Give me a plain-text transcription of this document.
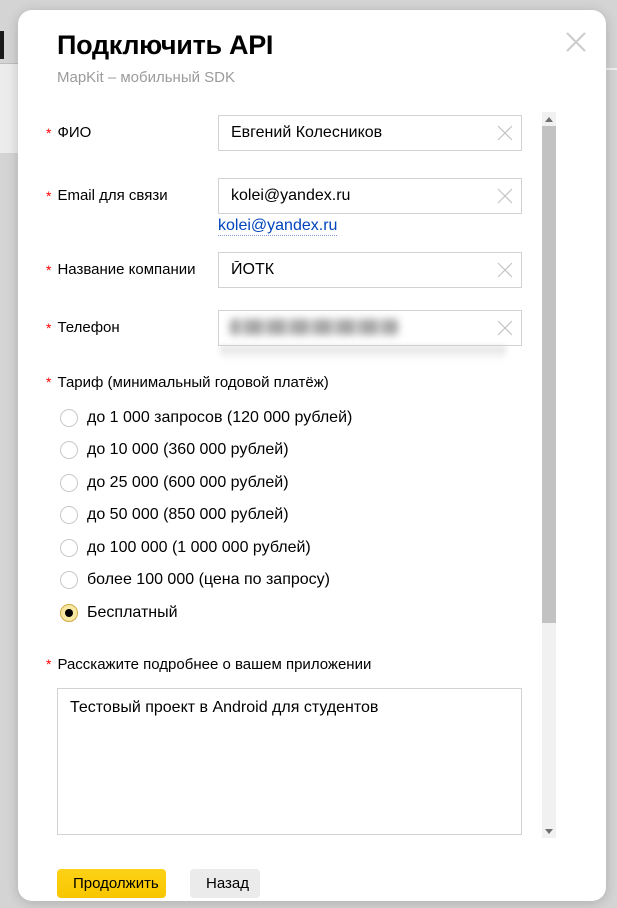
Подключить API
MapKit – мобильный SDK
* ФИО
Евгений Колесников
* Email для связи
kolei@yandex.ru
kolei@yandex.ru
* Название компании
ЙОТК
* Телефон
* Тариф (минимальный годовой платёж)
до 1 000 запросов (120 000 рублей)
до 10 000 (360 000 рублей)
до 25 000 (600 000 рублей)
до 50 000 (850 000 рублей)
до 100 000 (1 000 000 рублей)
более 100 000 (цена по запросу)
Бесплатный
* Расскажите подробнее о вашем приложении
Тестовый проект в Android для студентов
Продолжить	Назад
